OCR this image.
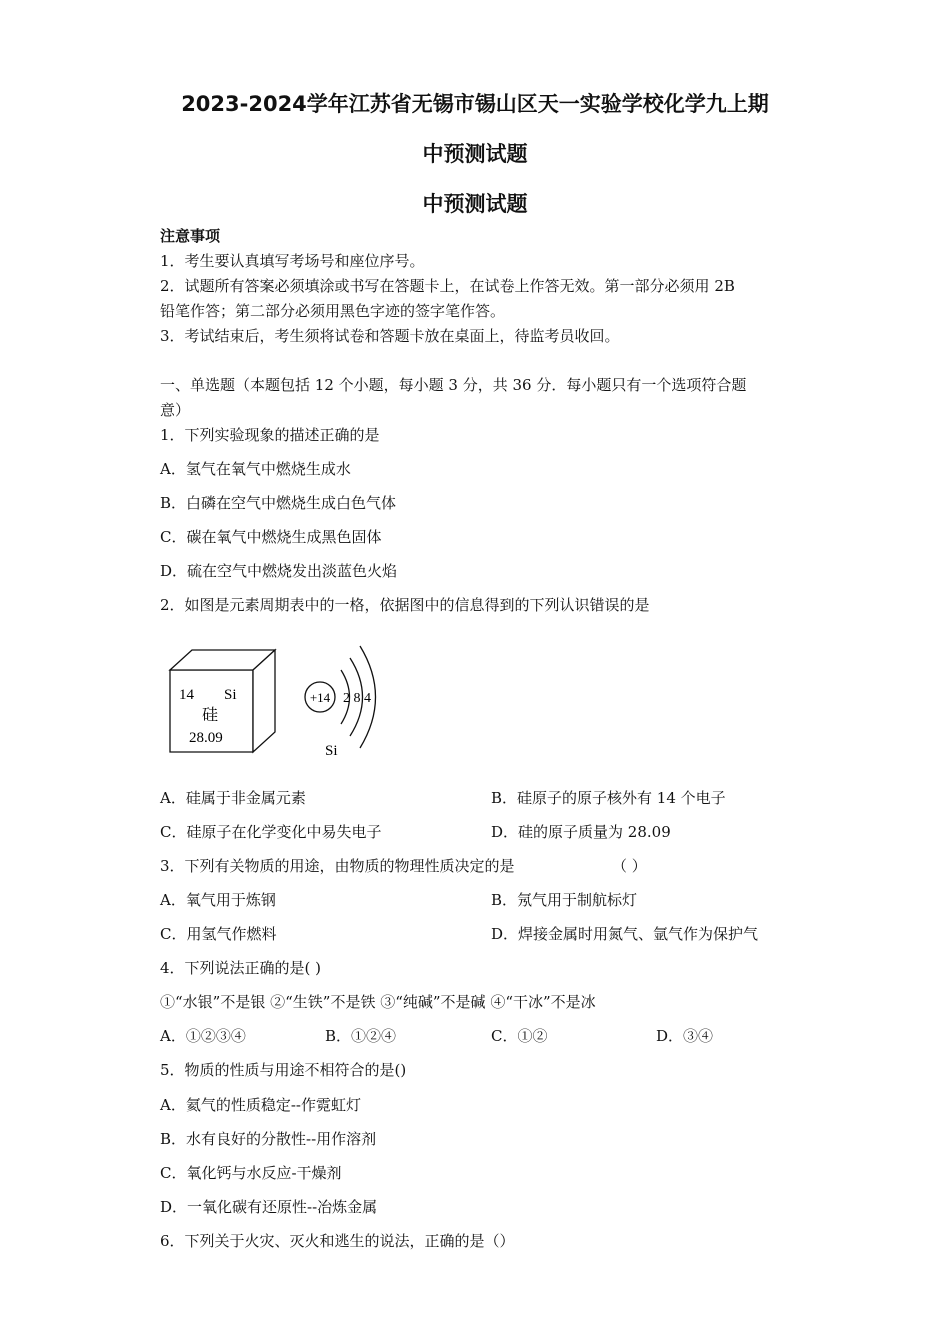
2023-2024学年江苏省无锡市锡山区天一实验学校化学九上期
中预测试题
中预测试题
注意事项
1．考生要认真填写考场号和座位序号。
2．试题所有答案必须填涂或书写在答题卡上，在试卷上作答无效。第一部分必须用 2B
铅笔作答；第二部分必须用黑色字迹的签字笔作答。
3．考试结束后，考生须将试卷和答题卡放在桌面上，待监考员收回。
一、单选题（本题包括 12 个小题，每小题 3 分，共 36 分．每小题只有一个选项符合题
意）
1．下列实验现象的描述正确的是
A．氢气在氧气中燃烧生成水
B．白磷在空气中燃烧生成白色气体
C．碳在氧气中燃烧生成黑色固体
D．硫在空气中燃烧发出淡蓝色火焰
2．如图是元素周期表中的一格，依据图中的信息得到的下列认识错误的是
14 Si
硅
28.09
+14 2 8 4
Si
A．硅属于非金属元素	B．硅原子的原子核外有 14 个电子
C．硅原子在化学变化中易失电子	D．硅的原子质量为 28.09
3．下列有关物质的用途，由物质的物理性质决定的是	（ ）
A．氧气用于炼钢	B．氖气用于制航标灯
C．用氢气作燃料	D．焊接金属时用氮气、氩气作为保护气
4．下列说法正确的是( )
①“水银”不是银 ②“生铁”不是铁 ③“纯碱”不是碱 ④“干冰”不是冰
A．①②③④	B．①②④	C．①②	D．③④
5．物质的性质与用途不相符合的是()
A．氦气的性质稳定--作霓虹灯
B．水有良好的分散性--用作溶剂
C．氧化钙与水反应-干燥剂
D．一氧化碳有还原性--冶炼金属
6．下列关于火灾、灭火和逃生的说法，正确的是（）
